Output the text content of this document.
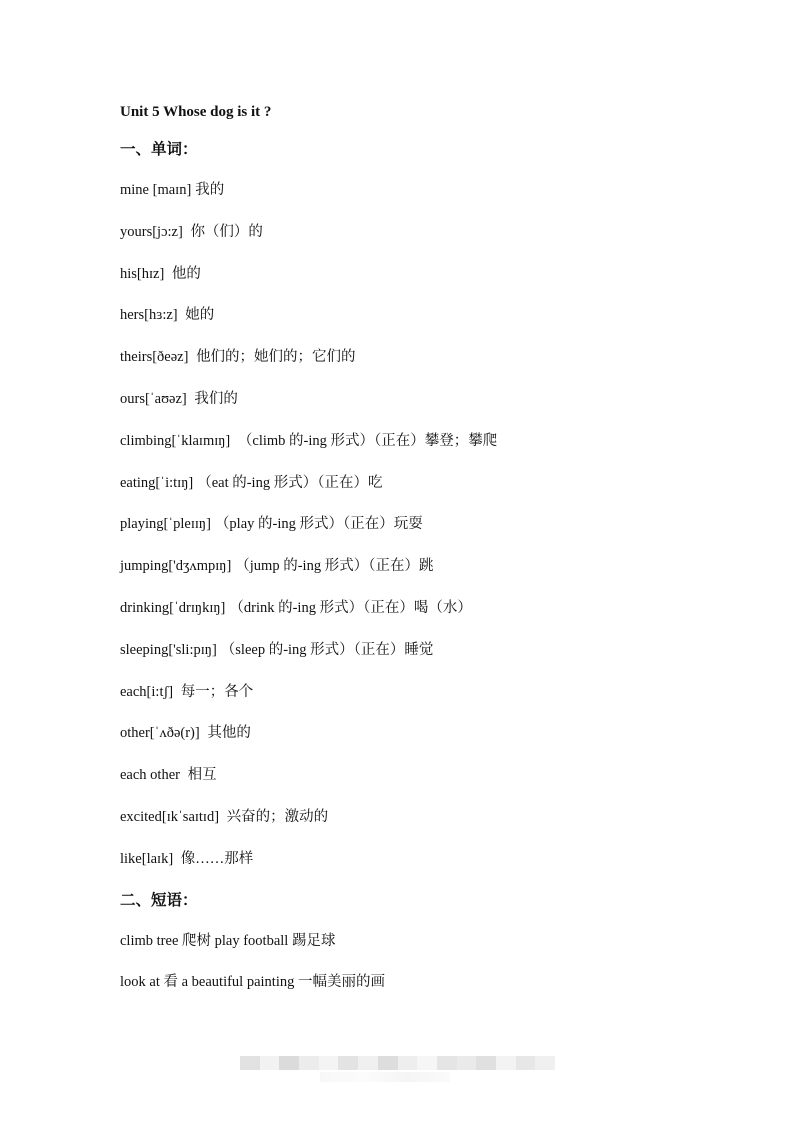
Unit 5 Whose dog is it ?
一、单词：
mine [maɪn] 我的
yours[jɔ:z] 你（们）的
his[hɪz] 他的
hers[hɜ:z] 她的
theirs[ðeəz] 他们的；她们的；它们的
ours[ˈaʊəz] 我们的
climbing[ˈklaɪmɪŋ] （climb 的-ing 形式）（正在）攀登；攀爬
eating[ˈi:tɪŋ] （eat 的-ing 形式）（正在）吃
playing[ˈpleɪɪŋ] （play 的-ing 形式）（正在）玩耍
jumping['dʒʌmpɪŋ] （jump 的-ing 形式）（正在）跳
drinking[ˈdrɪŋkɪŋ] （drink 的-ing 形式）（正在）喝（水）
sleeping['sli:pɪŋ] （sleep 的-ing 形式）（正在）睡觉
each[i:tʃ] 每一；各个
other[ˈʌðə(r)] 其他的
each other 相互
excited[ɪkˈsaɪtɪd] 兴奋的；激动的
like[laɪk] 像……那样
二、短语：
climb tree 爬树 play football 踢足球
look at 看 a beautiful painting 一幅美丽的画
